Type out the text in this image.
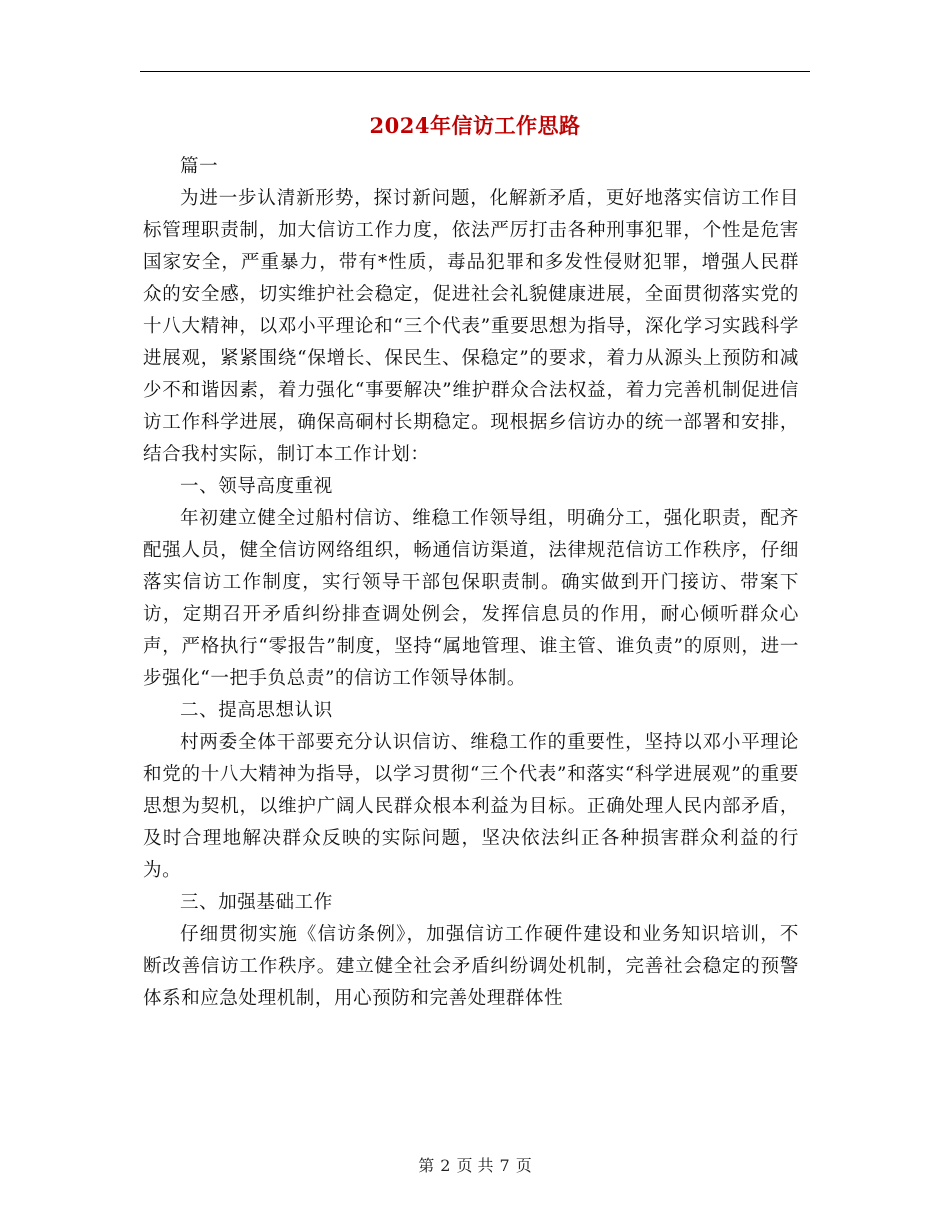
2024年信访工作思路

篇一

为进一步认清新形势，探讨新问题，化解新矛盾，更好地落实信访工作目标管理职责制，加大信访工作力度，依法严厉打击各种刑事犯罪，个性是危害国家安全，严重暴力，带有*性质，毒品犯罪和多发性侵财犯罪，增强人民群众的安全感，切实维护社会稳定，促进社会礼貌健康进展，全面贯彻落实党的十八大精神，以邓小平理论和“三个代表”重要思想为指导，深化学习实践科学进展观，紧紧围绕“保增长、保民生、保稳定”的要求，着力从源头上预防和减少不和谐因素，着力强化“事要解决”维护群众合法权益，着力完善机制促进信访工作科学进展，确保高硐村长期稳定。现根据乡信访办的统一部署和安排，结合我村实际，制订本工作计划：

一、领导高度重视

年初建立健全过船村信访、维稳工作领导组，明确分工，强化职责，配齐配强人员，健全信访网络组织，畅通信访渠道，法律规范信访工作秩序，仔细落实信访工作制度，实行领导干部包保职责制。确实做到开门接访、带案下访，定期召开矛盾纠纷排查调处例会，发挥信息员的作用，耐心倾听群众心声，严格执行“零报告”制度，坚持“属地管理、谁主管、谁负责”的原则，进一步强化“一把手负总责”的信访工作领导体制。

二、提高思想认识

村两委全体干部要充分认识信访、维稳工作的重要性，坚持以邓小平理论和党的十八大精神为指导，以学习贯彻“三个代表”和落实“科学进展观”的重要思想为契机，以维护广阔人民群众根本利益为目标。正确处理人民内部矛盾，及时合理地解决群众反映的实际问题，坚决依法纠正各种损害群众利益的行为。

三、加强基础工作

仔细贯彻实施《信访条例》，加强信访工作硬件建设和业务知识培训，不断改善信访工作秩序。建立健全社会矛盾纠纷调处机制，完善社会稳定的预警体系和应急处理机制，用心预防和完善处理群体性

第 2 页 共 7 页
